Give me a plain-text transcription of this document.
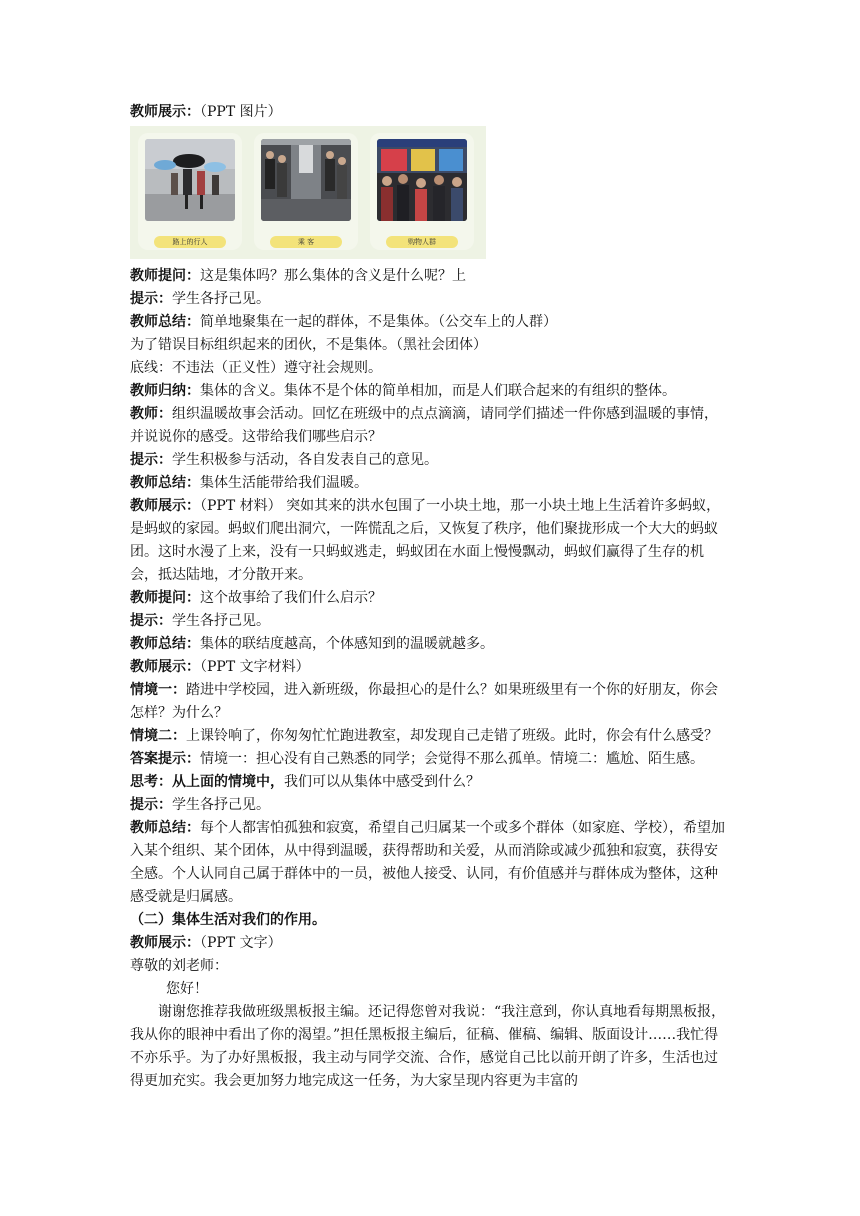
教师展示：（PPT 图片）
路上的行人	乘 客	购物人群
教师提问：这是集体吗？那么集体的含义是什么呢？上
提示：学生各抒己见。
教师总结：简单地聚集在一起的群体，不是集体。（公交车上的人群）
为了错误目标组织起来的团伙，不是集体。（黑社会团体）
底线：不违法（正义性）遵守社会规则。
教师归纳：集体的含义。集体不是个体的简单相加，而是人们联合起来的有组织的整体。
教师：组织温暖故事会活动。回忆在班级中的点点滴滴，请同学们描述一件你感到温暖的事情，并说说你的感受。这带给我们哪些启示？
提示：学生积极参与活动，各自发表自己的意见。
教师总结：集体生活能带给我们温暖。
教师展示：（PPT 材料） 突如其来的洪水包围了一小块土地，那一小块土地上生活着许多蚂蚁，是蚂蚁的家园。蚂蚁们爬出洞穴，一阵慌乱之后，又恢复了秩序，他们聚拢形成一个大大的蚂蚁团。这时水漫了上来，没有一只蚂蚁逃走，蚂蚁团在水面上慢慢飘动，蚂蚁们赢得了生存的机会，抵达陆地，才分散开来。
教师提问：这个故事给了我们什么启示？
提示：学生各抒己见。
教师总结：集体的联结度越高，个体感知到的温暖就越多。
教师展示：（PPT 文字材料）
情境一：踏进中学校园，进入新班级，你最担心的是什么？如果班级里有一个你的好朋友，你会怎样？为什么？
情境二：上课铃响了，你匆匆忙忙跑进教室，却发现自己走错了班级。此时，你会有什么感受？
答案提示：情境一：担心没有自己熟悉的同学；会觉得不那么孤单。情境二：尴尬、陌生感。
思考：从上面的情境中，我们可以从集体中感受到什么？
提示：学生各抒己见。
教师总结：每个人都害怕孤独和寂寞，希望自己归属某一个或多个群体（如家庭、学校），希望加入某个组织、某个团体，从中得到温暖，获得帮助和关爱，从而消除或减少孤独和寂寞，获得安全感。个人认同自己属于群体中的一员，被他人接受、认同，有价值感并与群体成为整体，这种感受就是归属感。
（二）集体生活对我们的作用。
教师展示：（PPT 文字）
尊敬的刘老师：
您好！
谢谢您推荐我做班级黑板报主编。还记得您曾对我说：“我注意到，你认真地看每期黑板报，我从你的眼神中看出了你的渴望。”担任黑板报主编后，征稿、催稿、编辑、版面设计……我忙得不亦乐乎。为了办好黑板报，我主动与同学交流、合作，感觉自己比以前开朗了许多，生活也过得更加充实。我会更加努力地完成这一任务，为大家呈现内容更为丰富的
